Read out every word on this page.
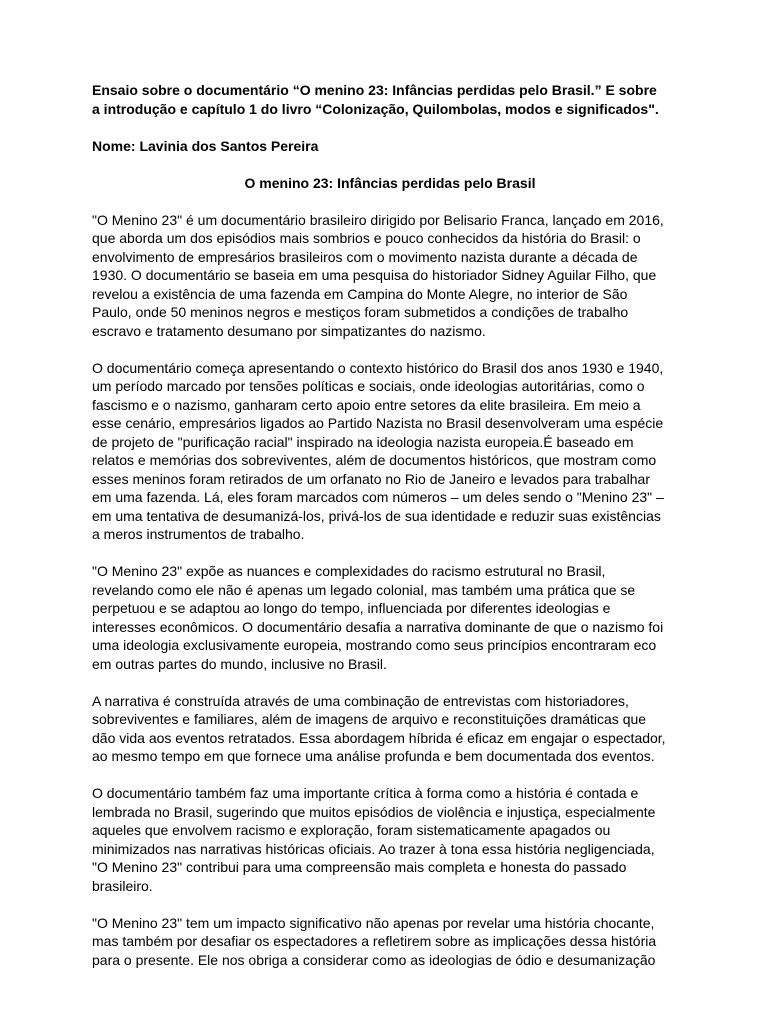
Ensaio sobre o documentário “O menino 23: Infâncias perdidas pelo Brasil.” E sobre
a introdução e capítulo 1 do livro “Colonização, Quilombolas, modos e significados".

Nome: Lavinia dos Santos Pereira

O menino 23: Infâncias perdidas pelo Brasil

"O Menino 23" é um documentário brasileiro dirigido por Belisario Franca, lançado em 2016,
que aborda um dos episódios mais sombrios e pouco conhecidos da história do Brasil: o
envolvimento de empresários brasileiros com o movimento nazista durante a década de
1930. O documentário se baseia em uma pesquisa do historiador Sidney Aguilar Filho, que
revelou a existência de uma fazenda em Campina do Monte Alegre, no interior de São
Paulo, onde 50 meninos negros e mestiços foram submetidos a condições de trabalho
escravo e tratamento desumano por simpatizantes do nazismo.

O documentário começa apresentando o contexto histórico do Brasil dos anos 1930 e 1940,
um período marcado por tensões políticas e sociais, onde ideologias autoritárias, como o
fascismo e o nazismo, ganharam certo apoio entre setores da elite brasileira. Em meio a
esse cenário, empresários ligados ao Partido Nazista no Brasil desenvolveram uma espécie
de projeto de "purificação racial" inspirado na ideologia nazista europeia.É baseado em
relatos e memórias dos sobreviventes, além de documentos históricos, que mostram como
esses meninos foram retirados de um orfanato no Rio de Janeiro e levados para trabalhar
em uma fazenda. Lá, eles foram marcados com números – um deles sendo o "Menino 23" –
em uma tentativa de desumanizá-los, privá-los de sua identidade e reduzir suas existências
a meros instrumentos de trabalho.

"O Menino 23" expõe as nuances e complexidades do racismo estrutural no Brasil,
revelando como ele não é apenas um legado colonial, mas também uma prática que se
perpetuou e se adaptou ao longo do tempo, influenciada por diferentes ideologias e
interesses econômicos. O documentário desafia a narrativa dominante de que o nazismo foi
uma ideologia exclusivamente europeia, mostrando como seus princípios encontraram eco
em outras partes do mundo, inclusive no Brasil.

A narrativa é construída através de uma combinação de entrevistas com historiadores,
sobreviventes e familiares, além de imagens de arquivo e reconstituições dramáticas que
dão vida aos eventos retratados. Essa abordagem híbrida é eficaz em engajar o espectador,
ao mesmo tempo em que fornece uma análise profunda e bem documentada dos eventos.

O documentário também faz uma importante crítica à forma como a história é contada e
lembrada no Brasil, sugerindo que muitos episódios de violência e injustiça, especialmente
aqueles que envolvem racismo e exploração, foram sistematicamente apagados ou
minimizados nas narrativas históricas oficiais. Ao trazer à tona essa história negligenciada,
"O Menino 23" contribui para uma compreensão mais completa e honesta do passado
brasileiro.

"O Menino 23" tem um impacto significativo não apenas por revelar uma história chocante,
mas também por desafiar os espectadores a refletirem sobre as implicações dessa história
para o presente. Ele nos obriga a considerar como as ideologias de ódio e desumanização
